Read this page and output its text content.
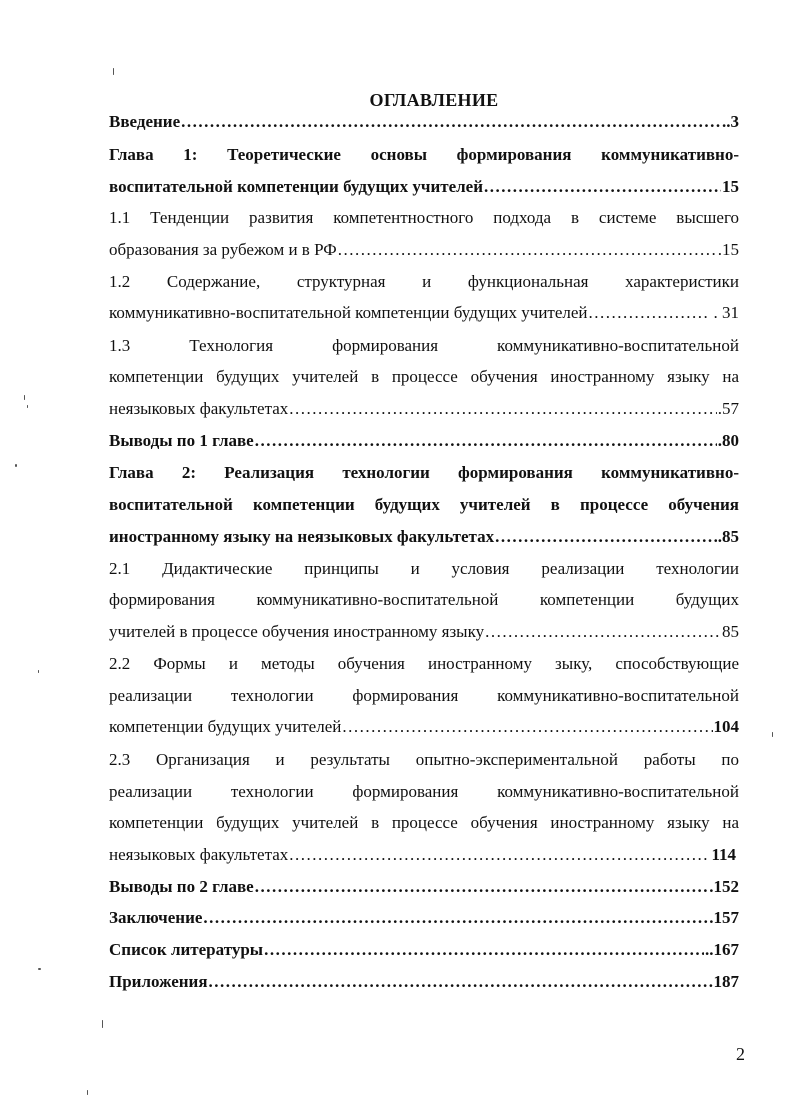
ОГЛАВЛЕНИЕ
Введение .....	..3
Глава 1: Теоретические основы формирования коммуникативно-
воспитательной компетенции будущих учителей .....	15
1.1 Тенденции развития компетентностного подхода в системе высшего
образования за рубежом и в РФ .....	.15
1.2 Содержание, структурная и функциональная характеристики
коммуникативно-воспитательной компетенции будущих учителей .....	. 31
1.3 Технология формирования коммуникативно-воспитательной
компетенции будущих учителей в процессе обучения иностранному языку на
неязыковых факультетах .....	.57
Выводы по 1 главе .....	.80
Глава 2: Реализация технологии формирования коммуникативно-
воспитательной компетенции будущих учителей в процессе обучения
иностранному языку на неязыковых факультетах .....	.85
2.1 Дидактические принципы и условия реализации технологии
формирования коммуникативно-воспитательной компетенции будущих
учителей в процессе обучения иностранному языку .....	85
2.2 Формы и методы обучения иностранному зыку, способствующие
реализации технологии формирования коммуникативно-воспитательной
компетенции будущих учителей .....	104
2.3 Организация и результаты опытно-экспериментальной работы по
реализации технологии формирования коммуникативно-воспитательной
компетенции будущих учителей в процессе обучения иностранному языку на
неязыковых факультетах .....	114
Выводы по 2 главе .....	.152
Заключение .....	.157
Список литературы .....	..167
Приложения .....	187
2
